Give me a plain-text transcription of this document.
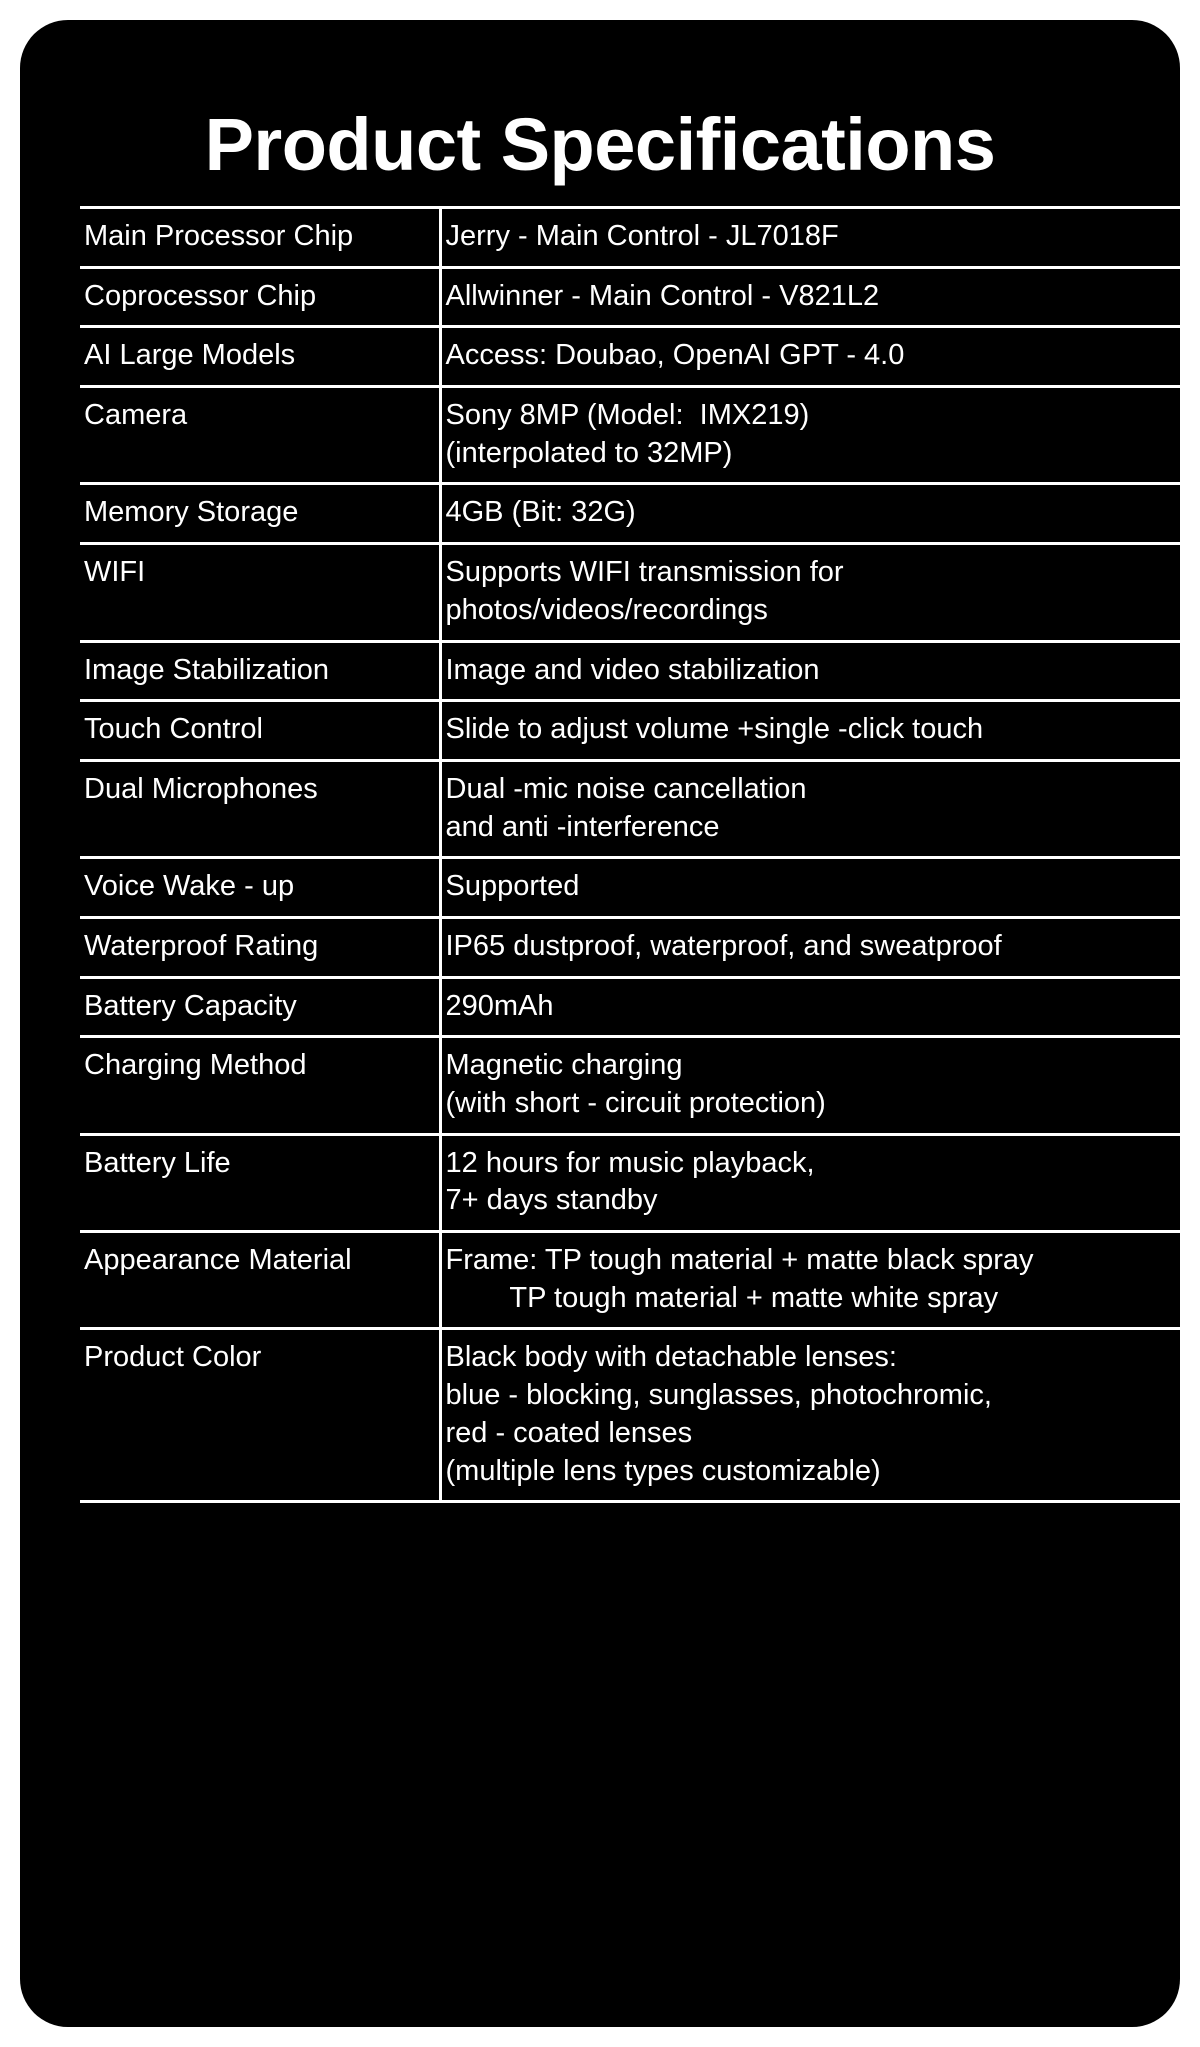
Product Specifications
Main Processor Chip	Jerry - Main Control - JL7018F

Coprocessor Chip	Allwinner - Main Control - V821L2

AI Large Models	Access: Doubao, OpenAI GPT - 4.0

Camera	Sony 8MP (Model:  IMX219)
(interpolated to 32MP)

Memory Storage	4GB (Bit: 32G)

WIFI	Supports WIFI transmission for
photos/videos/recordings

Image Stabilization	Image and video stabilization

Touch Control	Slide to adjust volume +single -click touch

Dual Microphones	Dual -mic noise cancellation
and anti -interference

Voice Wake - up	Supported

Waterproof Rating	IP65 dustproof, waterproof, and sweatproof

Battery Capacity	290mAh

Charging Method	Magnetic charging
(with short - circuit protection)

Battery Life	12 hours for music playback,
7+ days standby

Appearance Material	Frame: TP tough material + matte black spray
TP tough material + matte white spray

Product Color	Black body with detachable lenses:
blue - blocking, sunglasses, photochromic,
red - coated lenses
(multiple lens types customizable)
